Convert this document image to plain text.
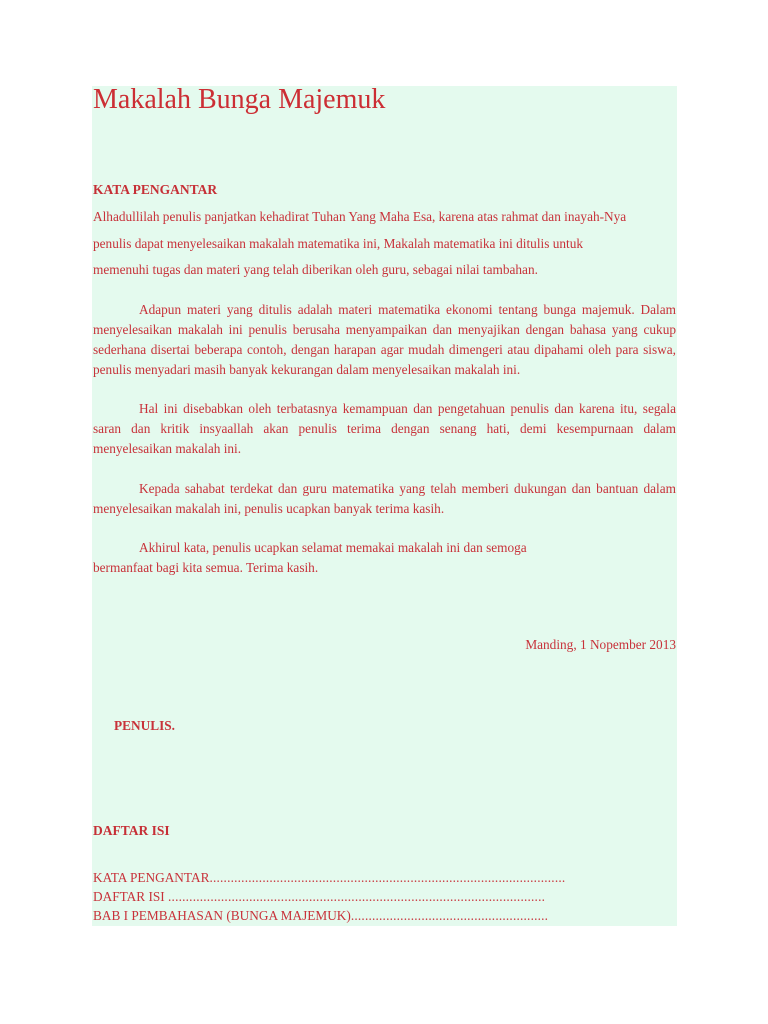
Makalah Bunga Majemuk
KATA PENGANTAR

Alhadullilah penulis panjatkan kehadirat Tuhan Yang Maha Esa, karena atas rahmat dan inayah-Nya

penulis dapat menyelesaikan makalah matematika ini, Makalah matematika ini ditulis untuk

memenuhi tugas dan materi yang telah diberikan oleh guru, sebagai nilai tambahan.

Adapun materi yang ditulis adalah materi matematika ekonomi tentang bunga majemuk. Dalam menyelesaikan makalah ini penulis berusaha menyampaikan dan menyajikan dengan bahasa yang cukup sederhana disertai beberapa contoh, dengan harapan agar mudah dimengeri atau dipahami oleh para siswa, penulis menyadari masih banyak kekurangan dalam menyelesaikan makalah ini.

Hal ini disebabkan oleh terbatasnya kemampuan dan pengetahuan penulis dan karena itu, segala saran dan kritik insyaallah akan penulis terima dengan senang hati, demi kesempurnaan dalam menyelesaikan makalah ini.

Kepada sahabat terdekat dan guru matematika yang telah memberi dukungan dan bantuan dalam menyelesaikan makalah ini, penulis ucapkan banyak terima kasih.

Akhirul kata, penulis ucapkan selamat memakai makalah ini dan semoga

bermanfaat bagi kita semua. Terima kasih.

Manding, 1 Nopember 2013

PENULIS.

DAFTAR ISI
KATA PENGANTAR.....................................................................................................
DAFTAR ISI ...........................................................................................................
BAB I PEMBAHASAN (BUNGA MAJEMUK)........................................................
